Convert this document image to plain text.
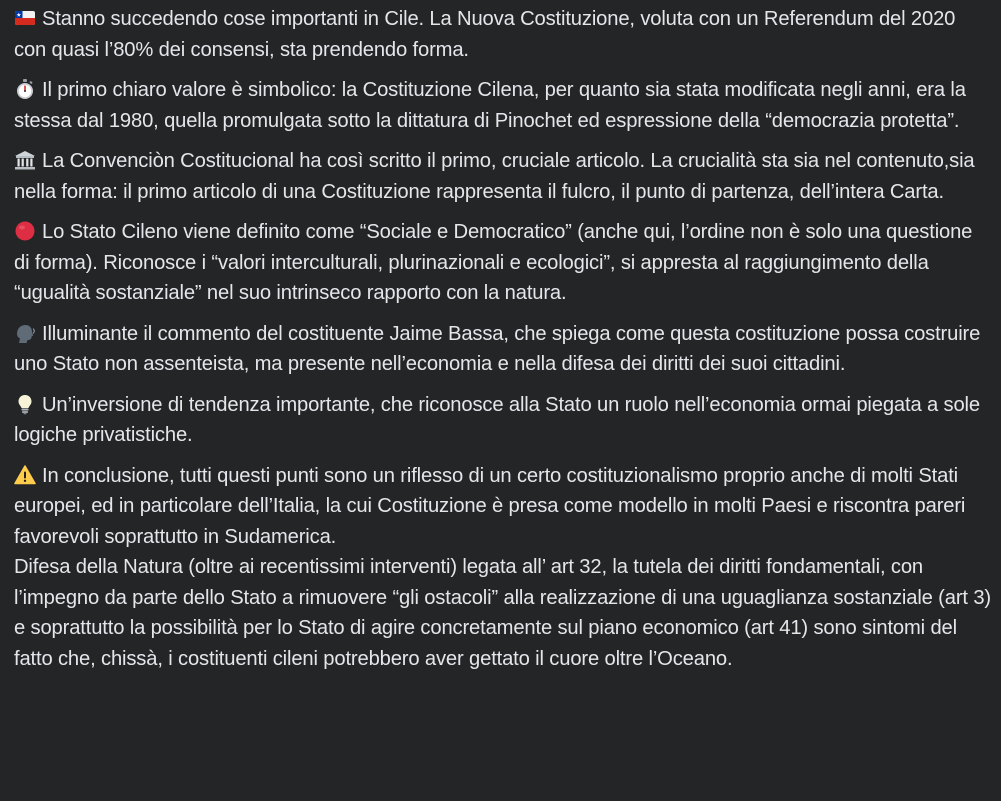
Stanno succedendo cose importanti in Cile. La Nuova Costituzione, voluta con un Referendum del 2020 con quasi l’80% dei consensi, sta prendendo forma.

Il primo chiaro valore è simbolico: la Costituzione Cilena, per quanto sia stata modificata negli anni, era la stessa dal 1980, quella promulgata sotto la dittatura di Pinochet ed espressione della “democrazia protetta”.

La Convenciòn Costitucional ha così scritto il primo, cruciale articolo. La crucialità sta sia nel contenuto,sia nella forma: il primo articolo di una Costituzione rappresenta il fulcro, il punto di partenza, dell’intera Carta.

Lo Stato Cileno viene definito come “Sociale e Democratico” (anche qui, l’ordine non è solo una questione di forma). Riconosce i “valori interculturali, plurinazionali e ecologici”, si appresta al raggiungimento della “ugualità sostanziale” nel suo intrinseco rapporto con la natura.

Illuminante il commento del costituente Jaime Bassa, che spiega come questa costituzione possa costruire uno Stato non assenteista, ma presente nell’economia e nella difesa dei diritti dei suoi cittadini.

Un’inversione di tendenza importante, che riconosce alla Stato un ruolo nell’economia ormai piegata a sole logiche privatistiche.

In conclusione, tutti questi punti sono un riflesso di un certo costituzionalismo proprio anche di molti Stati europei, ed in particolare dell’Italia, la cui Costituzione è presa come modello in molti Paesi e riscontra pareri favorevoli soprattutto in Sudamerica.

Difesa della Natura (oltre ai recentissimi interventi) legata all’ art 32, la tutela dei diritti fondamentali, con l’impegno da parte dello Stato a rimuovere “gli ostacoli” alla realizzazione di una uguaglianza sostanziale (art 3) e soprattutto la possibilità per lo Stato di agire concretamente sul piano economico (art 41) sono sintomi del fatto che, chissà, i costituenti cileni potrebbero aver gettato il cuore oltre l’Oceano.
